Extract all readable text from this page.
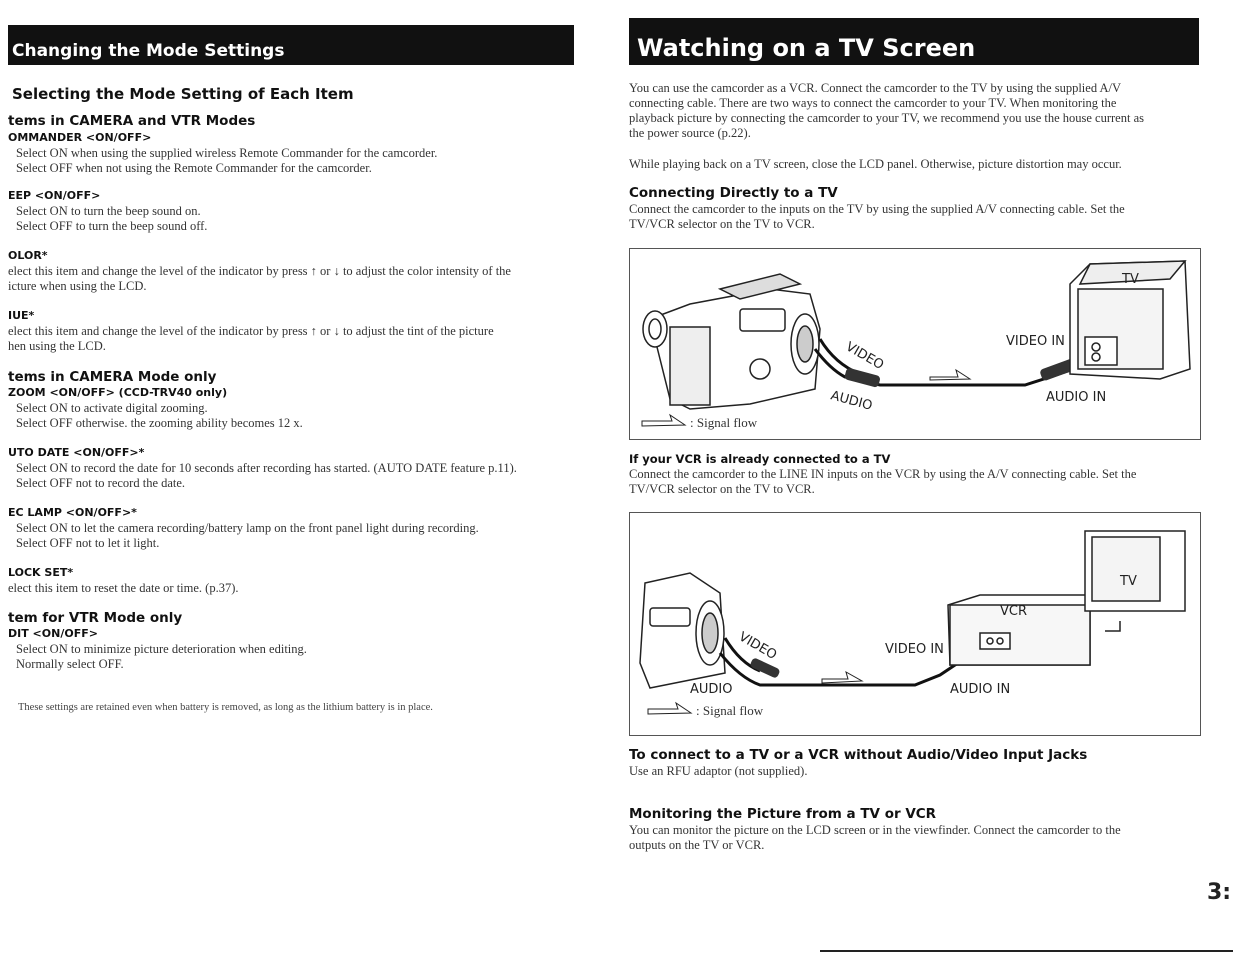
Changing the Mode Settings
Selecting the Mode Setting of Each Item
tems in CAMERA and VTR Modes
OMMANDER <ON/OFF>
Select ON when using the supplied wireless Remote Commander for the camcorder.
Select OFF when not using the Remote Commander for the camcorder.
EEP <ON/OFF>
Select ON to turn the beep sound on.
Select OFF to turn the beep sound off.
OLOR*
elect this item and change the level of the indicator by press ↑ or ↓ to adjust the color intensity of the
icture when using the LCD.
IUE*
elect this item and change the level of the indicator by press ↑ or ↓ to adjust the tint of the picture
hen using the LCD.
tems in CAMERA Mode only
ZOOM <ON/OFF> (CCD-TRV40 only)
Select ON to activate digital zooming.
Select OFF otherwise. the zooming ability becomes 12 x.
UTO DATE <ON/OFF>*
Select ON to record the date for 10 seconds after recording has started. (AUTO DATE feature p.11).
Select OFF not to record the date.
EC LAMP <ON/OFF>*
Select ON to let the camera recording/battery lamp on the front panel light during recording.
Select OFF not to let it light.
LOCK SET*
elect this item to reset the date or time. (p.37).
tem for VTR Mode only
DIT <ON/OFF>
Select ON to minimize picture deterioration when editing.
Normally select OFF.
These settings are retained even when battery is removed, as long as the lithium battery is in place.
Watching on a TV Screen
You can use the camcorder as a VCR. Connect the camcorder to the TV by using the supplied A/V
connecting cable. There are two ways to connect the camcorder to your TV. When monitoring the
playback picture by connecting the camcorder to your TV, we recommend you use the house current as
the power source (p.22).
While playing back on a TV screen, close the LCD panel. Otherwise, picture distortion may occur.
Connecting Directly to a TV
Connect the camcorder to the inputs on the TV by using the supplied A/V connecting cable. Set the
TV/VCR selector on the TV to VCR.
TV
VIDEO IN
AUDIO IN
VIDEO
AUDIO
: Signal flow
If your VCR is already connected to a TV
Connect the camcorder to the LINE IN inputs on the VCR by using the A/V connecting cable. Set the
TV/VCR selector on the TV to VCR.
TV
VCR
VIDEO IN
AUDIO IN
VIDEO
AUDIO
: Signal flow
To connect to a TV or a VCR without Audio/Video Input Jacks
Use an RFU adaptor (not supplied).
Monitoring the Picture from a TV or VCR
You can monitor the picture on the LCD screen or in the viewfinder. Connect the camcorder to the
outputs on the TV or VCR.
3:
